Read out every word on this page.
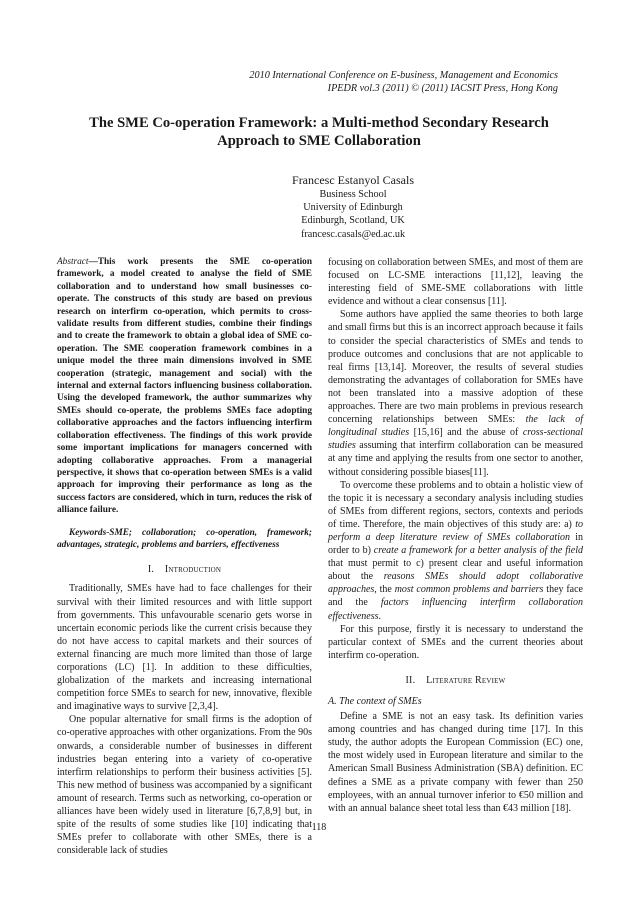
2010 International Conference on E-business, Management and Economics
IPEDR vol.3 (2011) © (2011) IACSIT Press, Hong Kong
The SME Co-operation Framework: a Multi-method Secondary Research
Approach to SME Collaboration
Francesc Estanyol Casals
Business School
University of Edinburgh
Edinburgh, Scotland, UK
francesc.casals@ed.ac.uk

Abstract—This work presents the SME co-operation framework, a model created to analyse the field of SME collaboration and to understand how small businesses co-operate. The constructs of this study are based on previous research on interfirm co-operation, which permits to cross-validate results from different studies, combine their findings and to create the framework to obtain a global idea of SME co-operation. The SME cooperation framework combines in a unique model the three main dimensions involved in SME cooperation (strategic, management and social) with the internal and external factors influencing business collaboration. Using the developed framework, the author summarizes why SMEs should co-operate, the problems SMEs face adopting collaborative approaches and the factors influencing interfirm collaboration effectiveness. The findings of this work provide some important implications for managers concerned with adopting collaborative approaches. From a managerial perspective, it shows that co-operation between SMEs is a valid approach for improving their performance as long as the success factors are considered, which in turn, reduces the risk of alliance failure.

Keywords-SME; collaboration; co-operation, framework; advantages, strategic, problems and barriers, effectiveness

I. Introduction

Traditionally, SMEs have had to face challenges for their survival with their limited resources and with little support from governments. This unfavourable scenario gets worse in uncertain economic periods like the current crisis because they do not have access to capital markets and their sources of external financing are much more limited than those of large corporations (LC) [1]. In addition to these difficulties, globalization of the markets and increasing international competition force SMEs to search for new, innovative, flexible and imaginative ways to survive [2,3,4].

One popular alternative for small firms is the adoption of co-operative approaches with other organizations. From the 90s onwards, a considerable number of businesses in different industries began entering into a variety of co-operative interfirm relationships to perform their business activities [5]. This new method of business was accompanied by a significant amount of research. Terms such as networking, co-operation or alliances have been widely used in literature [6,7,8,9] but, in spite of the results of some studies like [10] indicating that SMEs prefer to collaborate with other SMEs, there is a considerable lack of studies

focusing on collaboration between SMEs, and most of them are focused on LC-SME interactions [11,12], leaving the interesting field of SME-SME collaborations with little evidence and without a clear consensus [11].

Some authors have applied the same theories to both large and small firms but this is an incorrect approach because it fails to consider the special characteristics of SMEs and tends to produce outcomes and conclusions that are not applicable to real firms [13,14]. Moreover, the results of several studies demonstrating the advantages of collaboration for SMEs have not been translated into a massive adoption of these approaches. There are two main problems in previous research concerning relationships between SMEs: the lack of longitudinal studies [15,16] and the abuse of cross-sectional studies assuming that interfirm collaboration can be measured at any time and applying the results from one sector to another, without considering possible biases[11].

To overcome these problems and to obtain a holistic view of the topic it is necessary a secondary analysis including studies of SMEs from different regions, sectors, contexts and periods of time. Therefore, the main objectives of this study are: a) to perform a deep literature review of SMEs collaboration in order to b) create a framework for a better analysis of the field that must permit to c) present clear and useful information about the reasons SMEs should adopt collaborative approaches, the most common problems and barriers they face and the factors influencing interfirm collaboration effectiveness.

For this purpose, firstly it is necessary to understand the particular context of SMEs and the current theories about interfirm co-operation.

II. Literature Review

A. The context of SMEs

Define a SME is not an easy task. Its definition varies among countries and has changed during time [17]. In this study, the author adopts the European Commission (EC) one, the most widely used in European literature and similar to the American Small Business Administration (SBA) definition. EC defines a SME as a private company with fewer than 250 employees, with an annual turnover inferior to €50 million and with an annual balance sheet total less than €43 million [18].

118
